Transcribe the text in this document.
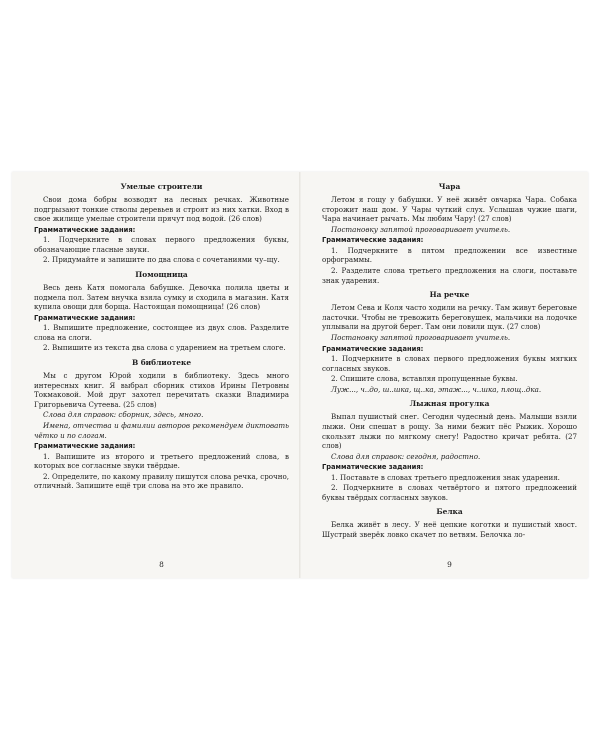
Умелые строители

Свои дома бобры возводят на лесных речках. Животные подгрызают тонкие стволы деревьев и строят из них хатки. Вход в свое жилище умелые строители прячут под водой. (26 слов)

Грамматические задания:

1. Подчеркните в словах первого предложения буквы, обозначающие гласные звуки.

2. Придумайте и запишите по два слова с сочетаниями чу–щу.

Помощница

Весь день Катя помогала бабушке. Девочка полила цветы и подмела пол. Затем внучка взяла сумку и сходила в магазин. Катя купила овощи для борща. Настоящая помощница! (26 слов)

Грамматические задания:

1. Выпишите предложение, состоящее из двух слов. Разделите слова на слоги.

2. Выпишите из текста два слова с ударением на третьем слоге.

В библиотеке

Мы с другом Юрой ходили в библиотеку. Здесь много интересных книг. Я выбрал сборник стихов Ирины Петровны Токмаковой. Мой друг захотел перечитать сказки Владимира Григорьевича Сутеева. (25 слов)

Слова для справок: сборник, здесь, много.

Имена, отчества и фамилии авторов рекомендуем диктовать чётко и по слогам.

Грамматические задания:

1. Выпишите из второго и третьего предложений слова, в которых все согласные звуки твёрдые.

2. Определите, по какому правилу пишутся слова речка, срочно, отличный. Запишите ещё три слова на это же правило.

8
Чара

Летом я гощу у бабушки. У неё живёт овчарка Чара. Собака сторожит наш дом. У Чары чуткий слух. Услышав чужие шаги, Чара начинает рычать. Мы любим Чару! (27 слов)

Постановку запятой проговаривает учитель.

Грамматические задания:

1. Подчеркните в пятом предложении все известные орфограммы.

2. Разделите слова третьего предложения на слоги, поставьте знак ударения.

На речке

Летом Сева и Коля часто ходили на речку. Там живут береговые ласточки. Чтобы не тревожить береговушек, мальчики на лодочке уплывали на другой берег. Там они ловили щук. (27 слов)

Постановку запятой проговаривает учитель.

Грамматические задания:

1. Подчеркните в словах первого предложения буквы мягких согласных звуков.

2. Спишите слова, вставляя пропущенные буквы.

Луж..., ч..до, ш..шка, щ..ка, этаж..., ч..шка, площ..дка.

Лыжная прогулка

Выпал пушистый снег. Сегодня чудесный день. Малыши взяли лыжи. Они спешат в рощу. За ними бежит пёс Рыжик. Хорошо скользят лыжи по мягкому снегу! Радостно кричат ребята. (27 слов)

Слова для справок: сегодня, радостно.

Грамматические задания:

1. Поставьте в словах третьего предложения знак ударения.

2. Подчеркните в словах четвёртого и пятого предложений буквы твёрдых согласных звуков.

Белка

Белка живёт в лесу. У неё цепкие коготки и пушистый хвост. Шустрый зверёк ловко скачет по ветвям. Белочка ло-

9
